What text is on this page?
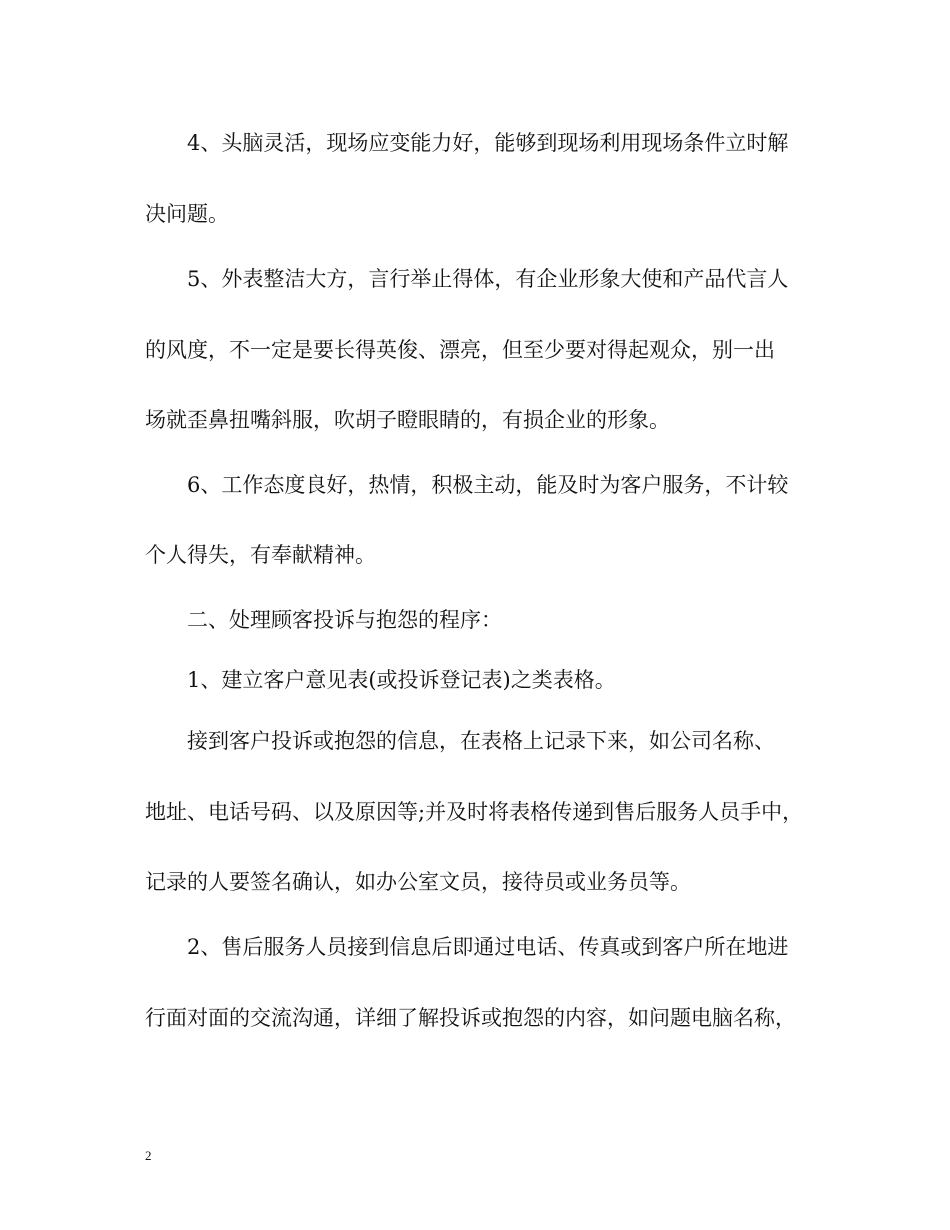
4、头脑灵活，现场应变能力好，能够到现场利用现场条件立时解
决问题。
5、外表整洁大方，言行举止得体，有企业形象大使和产品代言人
的风度，不一定是要长得英俊、漂亮，但至少要对得起观众，别一出
场就歪鼻扭嘴斜服，吹胡子瞪眼睛的，有损企业的形象。
6、工作态度良好，热情，积极主动，能及时为客户服务，不计较
个人得失，有奉献精神。
二、处理顾客投诉与抱怨的程序：
1、建立客户意见表(或投诉登记表)之类表格。
接到客户投诉或抱怨的信息，在表格上记录下来，如公司名称、
地址、电话号码、以及原因等;并及时将表格传递到售后服务人员手中，
记录的人要签名确认，如办公室文员，接待员或业务员等。
2、售后服务人员接到信息后即通过电话、传真或到客户所在地进
行面对面的交流沟通，详细了解投诉或抱怨的内容，如问题电脑名称，
2
